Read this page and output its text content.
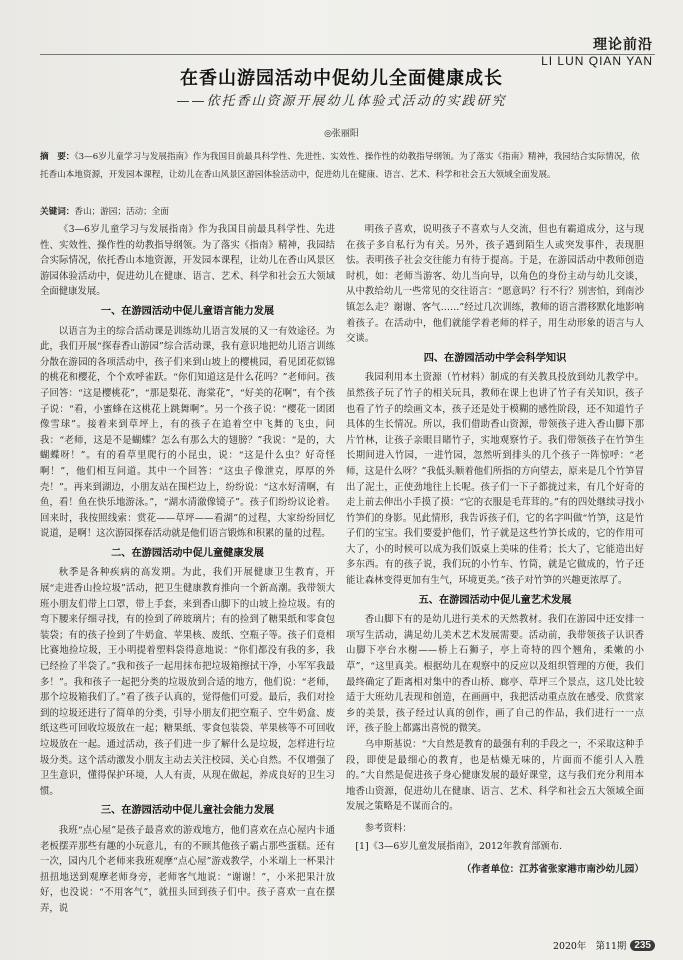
理论前沿
LI LUN QIAN YAN
在香山游园活动中促幼儿全面健康成长
——依托香山资源开展幼儿体验式活动的实践研究
◎张丽阳
摘　要：《3—6岁儿童学习与发展指南》作为我国目前最具科学性、先进性、实效性、操作性的幼教指导纲领。为了落实《指南》精神，我园结合实际情况，依托香山本地资源，开发园本课程，让幼儿在香山风景区游园体验活动中，促进幼儿在健康、语言、艺术、科学和社会五大领域全面发展。
关键词：香山；游园；活动；全面

《3—6岁儿童学习与发展指南》作为我国目前最具科学性、先进性、实效性、操作性的幼教指导纲领。为了落实《指南》精神，我园结合实际情况，依托香山本地资源，开发园本课程，让幼儿在香山风景区游园体验活动中，促进幼儿在健康、语言、艺术、科学和社会五大领域全面健康发展。

一、在游园活动中促儿童语言能力发展

以语言为主的综合活动课是训练幼儿语言发展的又一有效途径。为此，我们开展“探春香山游园”综合活动课，我有意识地把幼儿语言训练分散在游园的各项活动中，孩子们来到山坡上的樱桃园，看见团花似锦的桃花和樱花，个个欢呼雀跃。“你们知道这是什么花吗？”老师问。孩子回答：“这是樱桃花”，“那是梨花、海棠花”，“好美的花啊”，有个孩子说：“看，小蜜蜂在这桃花上跳舞啊”。另一个孩子说：“樱花一团团像雪球”。接着来到草坪上，有的孩子在追着空中飞舞的飞虫，问我：“老师，这是不是蝴蝶？怎么有那么大的翅膀？”我说：“是的，大蝴蝶呀！”。有的看草里爬行的小昆虫，说：“这是什么虫？好奇怪啊！”，他们相互问道。其中一个回答：“这虫子像泄克，厚厚的外壳！”。再来到湖边，小朋友站在围栏边上，纷纷说：“这水好清啊，有鱼，看！鱼在快乐地游泳。”，“湖水清澈像镜子”。孩子们纷纷议论着。回来时，我按照线索：赏花——草坪——看湖”的过程，大家纷纷回忆说道，是啊！这次游园探春活动就是他们语言锻炼和积累的量的过程。

二、在游园活动中促儿童健康发展

秋季是各种疾病的高发期。为此，我们开展健康卫生教育，开展“走进香山捡垃圾”活动，把卫生健康教育推向一个新高潮。我带领大班小朋友们带上口罩，带上手套，来到香山脚下的山坡上捡垃圾。有的弯下腰来仔细寻找，有的捡到了碎玻璃片；有的捡到了糖果纸和零食包装袋；有的孩子捡到了牛奶盒、苹果核、废纸、空瓶子等。孩子们竟相比赛地捡垃圾，王小明提着塑料袋得意地说：“你们都没有我的多，我已经捡了半袋了。”我和孩子一起用抹布把垃圾箱擦拭干净，小军军我最多！”。我和孩子一起把分类的垃圾放到合适的地方，他们说：“老师，那个垃圾箱我们了。”看了孩子认真的，觉得他们可爱。最后，我们对捡到的垃圾还进行了简单的分类，引导小朋友们把空瓶子、空牛奶盒、废纸这些可回收垃圾放在一起；糖果纸、零食包装袋、苹果核等不可回收垃圾放在一起。通过活动，孩子们进一步了解什么是垃圾，怎样进行垃圾分类。这个活动激发小朋友主动去关注校园、关心自然。不仅增强了卫生意识，懂得保护环境，人人有责，从现在做起，养成良好的卫生习惯。

三、在游园活动中促儿童社会能力发展

我班“点心屋”是孩子最喜欢的游戏地方，他们喜欢在点心屋内卡通老板摆弄那些有趣的小玩意儿，有的不顾其他孩子霸占那些蛋糕。还有一次，园内几个老师来我班观摩“点心屋”游戏教学，小米端上一杯果汁扭扭地送到观摩老师身旁，老师客气地说：“谢谢！”，小米把果汁放好，也没说：“不用客气”，就扭头回到孩子们中。孩子喜欢一直在摆弄，说

明孩子喜欢，说明孩子不喜欢与人交流，但也有霸道成分，这与现在孩子多自私行为有关。另外，孩子遇到陌生人或突发事件，表现胆怯。表明孩子社会交往能力有待于提高。于是，在游园活动中教师创造时机，如：老师当游客、幼儿当向导，以角色的身份主动与幼儿交谈，从中教给幼儿一些常见的交往语言：“愿意吗？行不行？别害怕，到南沙镇怎么走？谢谢、客气……”经过几次训练，教师的语言潜移默化地影响着孩子。在活动中，他们就能学着老师的样子，用生动形象的语言与人交谈。

四、在游园活动中学会科学知识

我园利用本土资源（竹材料）制成的有关教具投放到幼儿教学中。虽然孩子玩了竹子的相关玩具，教师在课上也讲了竹子有关知识，孩子也看了竹子的绘画文本，孩子还是处于模糊的感性阶段，还不知道竹子具体的生长情况。所以，我们借助香山资源，带领孩子进入香山脚下那片竹林，让孩子亲眼目睹竹子，实地观察竹子。我们带领孩子在竹笋生长期间进入竹园，一进竹园，忽然听到排头的几个孩子一阵惊呼：“老师，这是什么呀？”我低头顺着他们所指的方向望去，原来是几个竹笋冒出了泥土，正使劲地往上长呢。孩子们一下子都拢过来，有几个好奇的走上前去伸出小手摸了摸：“它的衣服是毛茸茸的。”有的四处继续寻找小竹笋们的身影。见此情形，我告诉孩子们，它的名字叫做“竹笋，这是竹子们的宝宝。我们要爱护他们，竹子就是这些竹笋长成的，它的作用可大了，小的时候可以成为我们饭桌上美味的佳肴；长大了，它能造出好多东西。有的孩子说，我们玩的小竹车、竹筒，就是它做成的，竹子还能让森林变得更加有生气，环境更美。”孩子对竹笋的兴趣更浓厚了。

五、在游园活动中促儿童艺术发展

香山脚下有的是幼儿进行美术的天然教材。我们在游园中还安排一项写生活动，满足幼儿美术艺术发展需要。活动前，我带领孩子认识香山脚下亭台水榭——桥上石狮子，亭上奇特的四个翘角，柔嫩的小草”，“这里真美。根据幼儿在观察中的反应以及组织管理的方便，我们最终确定了距离相对集中的香山桥、廊亭、草坪三个景点，这几处比较适于大班幼儿表现和创造，在画画中，我把活动重点放在感受、欣赏家乡的美景，孩子经过认真的创作，画了自己的作品，我们进行一一点评，孩子脸上都露出喜悦的微笑。

乌申斯基说：“大自然是教育的最强有利的手段之一，不采取这种手段，即使是最细心的教育，也是枯燥无味的，片面而不能引人入胜的。”大自然是促进孩子身心健康发展的最好课堂，这与我们充分利用本地香山资源，促进幼儿在健康、语言、艺术、科学和社会五大领域全面发展之策略是不谋而合的。

参考资料：

[1]《3—6岁儿童发展指南》，2012年教育部颁布.

（作者单位：江苏省张家港市南沙幼儿园）
2020年　第11期 235
